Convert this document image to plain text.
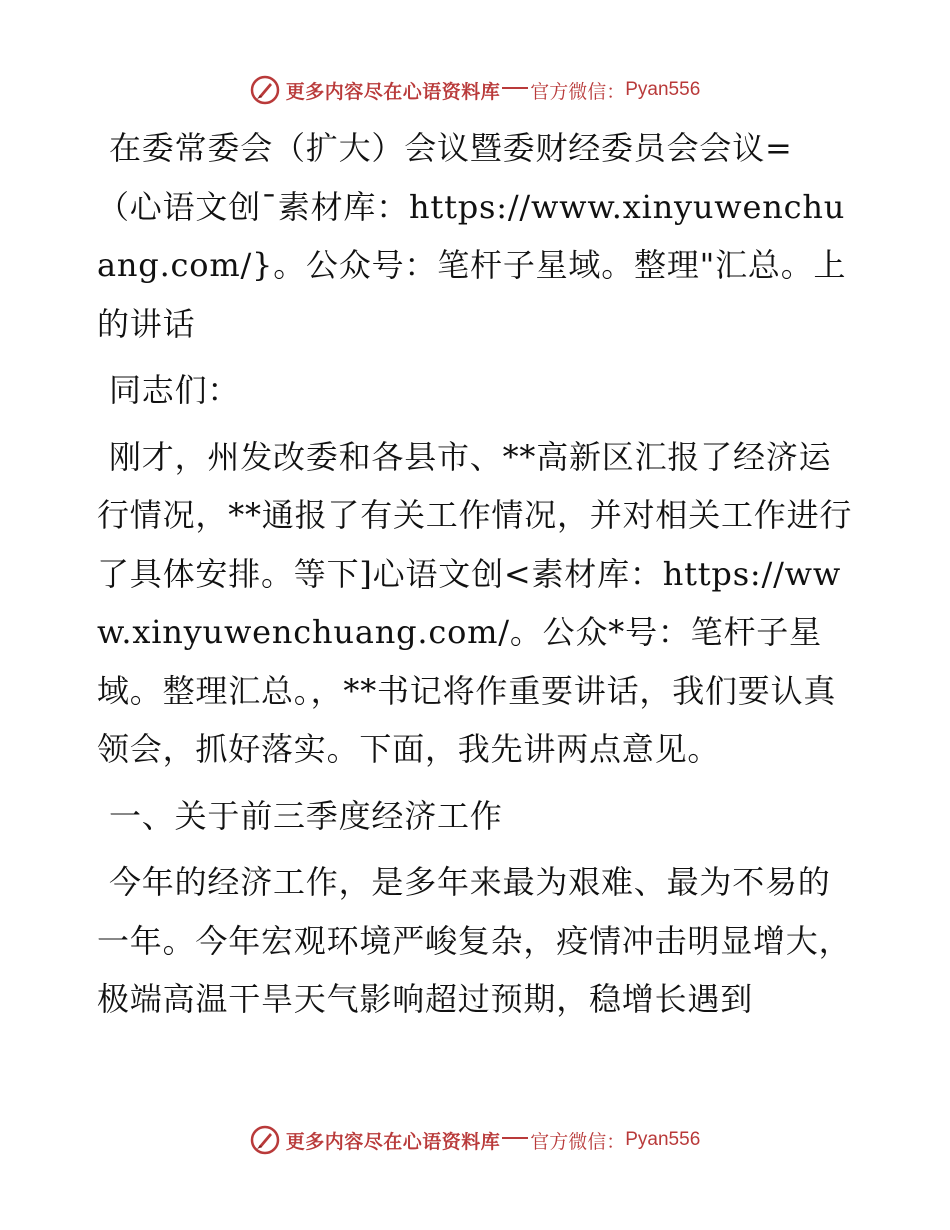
更多内容尽在心语资料库 官方微信： Pyan556

在委常委会（扩大）会议暨委财经委员会会议=（心语文创¯素材库：https://www.xinyuwenchuang.com/}。公众号：笔杆子星域。整理"汇总。上的讲话

同志们：

刚才，州发改委和各县市、**高新区汇报了经济运行情况，**通报了有关工作情况，并对相关工作进行了具体安排。等下]心语文创<素材库：https://www.xinyuwenchuang.com/。公众*号：笔杆子星域。整理汇总。，**书记将作重要讲话，我们要认真领会，抓好落实。下面，我先讲两点意见。

一、关于前三季度经济工作

今年的经济工作，是多年来最为艰难、最为不易的一年。今年宏观环境严峻复杂，疫情冲击明显增大，极端高温干旱天气影响超过预期，稳增长遇到

更多内容尽在心语资料库 官方微信： Pyan556
